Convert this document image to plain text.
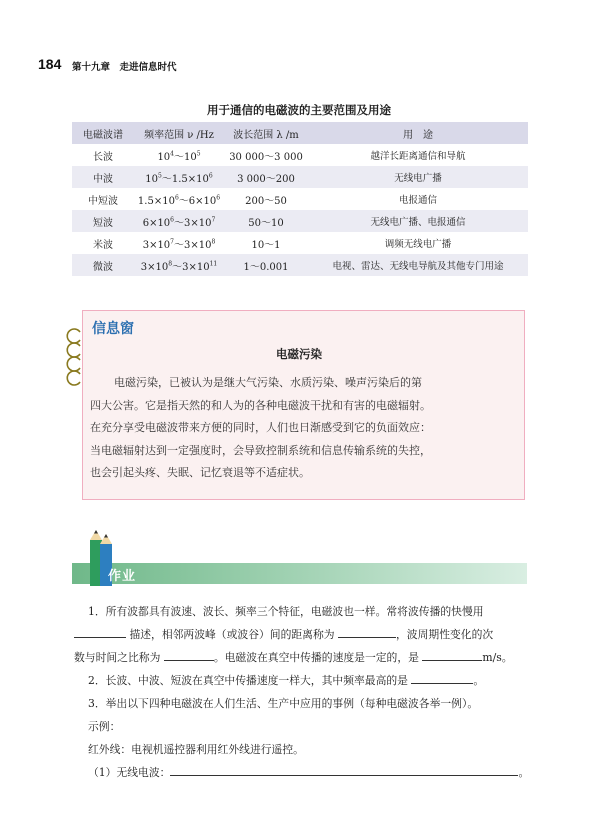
184 第十九章　走进信息时代
用于通信的电磁波的主要范围及用途
电磁波谱	频率范围 ν /Hz	波长范围 λ /m	用　途
长波	$10^4\sim 10^5$	30 000～3 000	越洋长距离通信和导航
中波	$10^5\sim 1.5\times 10^6$	3 000～200	无线电广播
中短波	$1.5\times 10^6\sim 6\times 10^6$	200～50	电报通信
短波	$6\times 10^6\sim 3\times 10^7$	50～10	无线电广播、电报通信
米波	$3\times 10^7\sim 3\times 10^8$	10～1	调频无线电广播
微波	$3\times 10^8\sim 3\times 10^{11}$	1～0.001	电视、雷达、无线电导航及其他专门用途
信息窗
电磁污染
电磁污染，已被认为是继大气污染、水质污染、噪声污染后的第
四大公害。它是指天然的和人为的各种电磁波干扰和有害的电磁辐射。
在充分享受电磁波带来方便的同时，人们也日渐感受到它的负面效应：
当电磁辐射达到一定强度时，会导致控制系统和信息传输系统的失控，
也会引起头疼、失眠、记忆衰退等不适症状。
作业
1．所有波都具有波速、波长、频率三个特征，电磁波也一样。常将波传播的快慢用
描述，相邻两波峰（或波谷）间的距离称为	，波周期性变化的次
数与时间之比称为	。电磁波在真空中传播的速度是一定的，是	m/s。
2．长波、中波、短波在真空中传播速度一样大，其中频率最高的是	。
3．举出以下四种电磁波在人们生活、生产中应用的事例（每种电磁波各举一例）。
示例：
红外线：电视机遥控器利用红外线进行遥控。
（1）无线电波：	。
